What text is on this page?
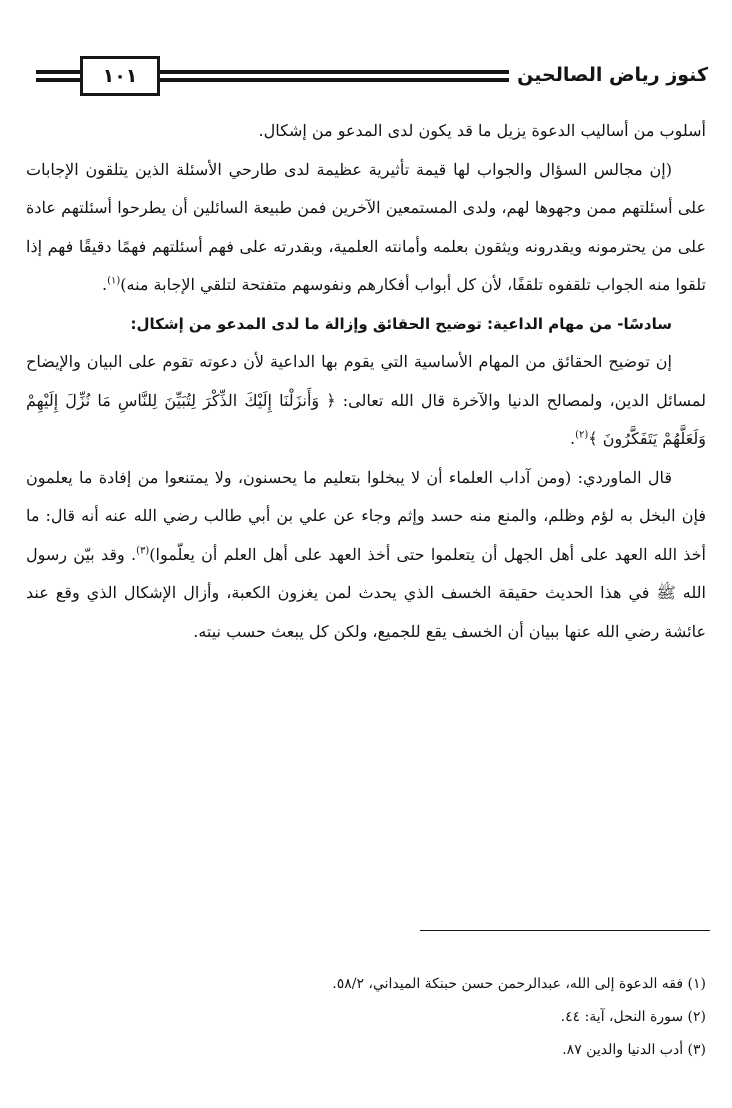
١٠١	كنوز رياض الصالحين

أسلوب من أساليب الدعوة يزيل ما قد يكون لدى المدعو من إشكال.

(إن مجالس السؤال والجواب لها قيمة تأثيرية عظيمة لدى طارحي الأسئلة الذين يتلقون الإجابات على أسئلتهم ممن وجهوها لهم، ولدى المستمعين الآخرين فمن طبيعة السائلين أن يطرحوا أسئلتهم عادة على من يحترمونه ويقدرونه ويثقون بعلمه وأمانته العلمية، وبقدرته على فهم أسئلتهم فهمًا دقيقًا فهم إذا تلقوا منه الجواب تلقفوه تلقفًا، لأن كل أبواب أفكارهم ونفوسهم متفتحة لتلقي الإجابة منه)$^{(١)}$.

سادسًا- من مهام الداعية: توضيح الحقائق وإزالة ما لدى المدعو من إشكال:

إن توضيح الحقائق من المهام الأساسية التي يقوم بها الداعية لأن دعوته تقوم على البيان والإيضاح لمسائل الدين، ولمصالح الدنيا والآخرة قال الله تعالى: ﴿ وَأَنزَلْنَا إِلَيْكَ الذِّكْرَ لِتُبَيِّنَ لِلنَّاسِ مَا نُزِّلَ إِلَيْهِمْ وَلَعَلَّهُمْ يَتَفَكَّرُونَ ﴾$^{(٢)}$.

قال الماوردي: (ومن آداب العلماء أن لا يبخلوا بتعليم ما يحسنون، ولا يمتنعوا من إفادة ما يعلمون فإن البخل به لؤم وظلم، والمنع منه حسد وإثم وجاء عن علي بن أبي طالب رضي الله عنه أنه قال: ما أخذ الله العهد على أهل الجهل أن يتعلموا حتى أخذ العهد على أهل العلم أن يعلّموا)$^{(٣)}$. وقد بيّن رسول الله ﷺ في هذا الحديث حقيقة الخسف الذي يحدث لمن يغزون الكعبة، وأزال الإشكال الذي وقع عند عائشة رضي الله عنها ببيان أن الخسف يقع للجميع، ولكن كل يبعث حسب نيته.

(١) فقه الدعوة إلى الله، عبدالرحمن حسن حبنكة الميداني، ٥٨/٢.
(٢) سورة النحل، آية: ٤٤.
(٣) أدب الدنيا والدين ٨٧.
